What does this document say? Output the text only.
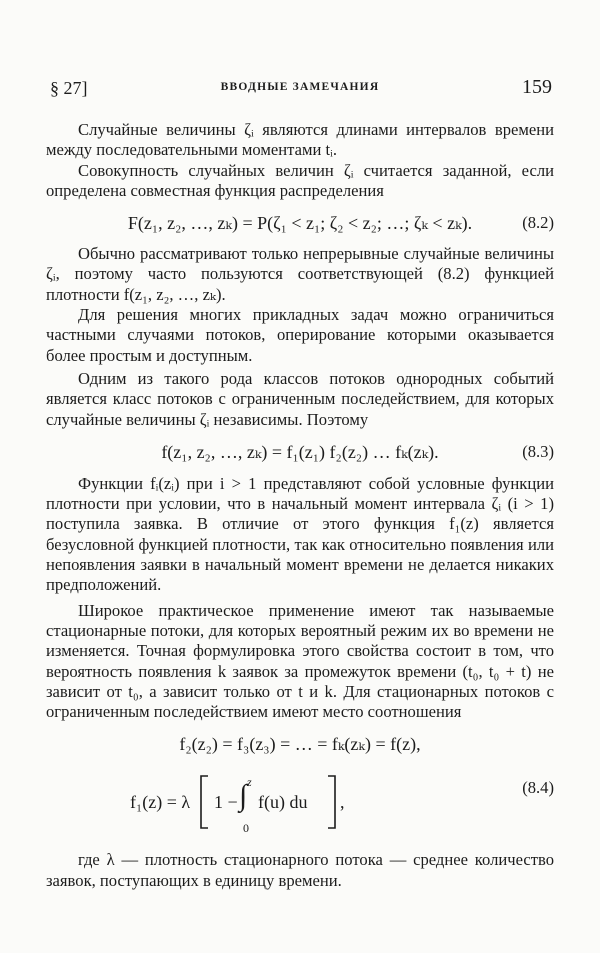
§ 27]	ВВОДНЫЕ ЗАМЕЧАНИЯ	159

Случайные величины ζᵢ являются длинами интервалов времени между последовательными моментами tᵢ.

Совокупность случайных величин ζᵢ считается заданной, если определена совместная функция распределения

F(z₁, z₂, …, zₖ) = P(ζ₁ < z₁; ζ₂ < z₂; …; ζₖ < zₖ).	(8.2)

Обычно рассматривают только непрерывные случайные величины ζᵢ, поэтому часто пользуются соответствующей (8.2) функцией плотности f(z₁, z₂, …, zₖ).

Для решения многих прикладных задач можно ограничиться частными случаями потоков, оперирование которыми оказывается более простым и доступным.

Одним из такого рода классов потоков однородных событий является класс потоков с ограниченным последействием, для которых случайные величины ζᵢ независимы. Поэтому

f(z₁, z₂, …, zₖ) = f₁(z₁) f₂(z₂) … fₖ(zₖ).	(8.3)

Функции fᵢ(zᵢ) при i > 1 представляют собой условные функции плотности при условии, что в начальный момент интервала ζᵢ (i > 1) поступила заявка. В отличие от этого функция f₁(z) является безусловной функцией плотности, так как относительно появления или непоявления заявки в начальный момент времени не делается никаких предположений.

Широкое практическое применение имеют так называемые стационарные потоки, для которых вероятный режим их во времени не изменяется. Точная формулировка этого свойства состоит в том, что вероятность появления k заявок за промежуток времени (t₀, t₀ + t) не зависит от t₀, а зависит только от t и k. Для стационарных потоков с ограниченным последействием имеют место соотношения

f₂(z₂) = f₃(z₃) = … = fₖ(zₖ) = f(z),
f₁(z) = λ 1 −
z
∫
0
f(u) du ,
(8.4)

где λ — плотность стационарного потока — среднее количество заявок, поступающих в единицу времени.
